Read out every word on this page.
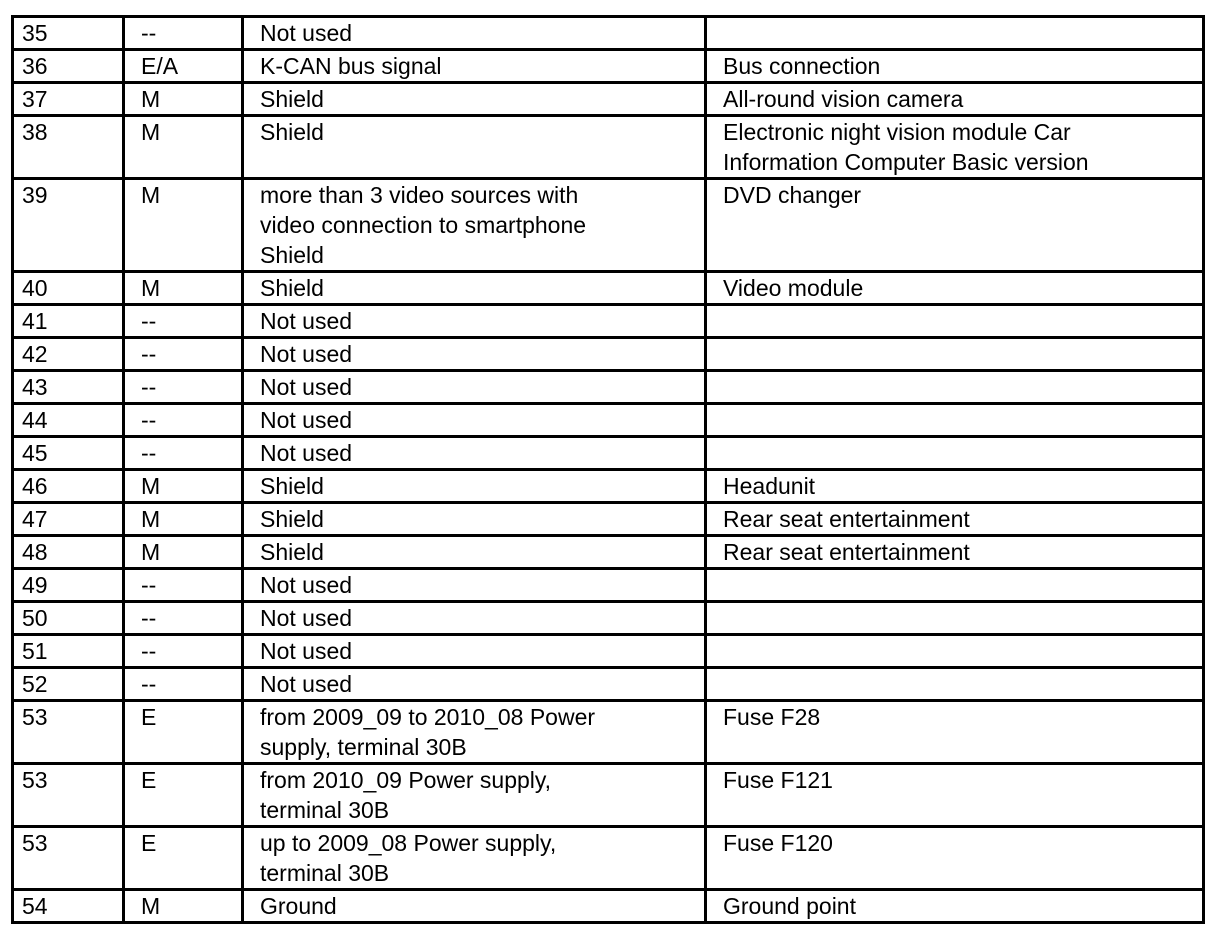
35	--	Not used	
36	E/A	K-CAN bus signal	Bus connection
37	M	Shield	All-round vision camera
38	M	Shield	Electronic night vision module Car
Information Computer Basic version
39	M	more than 3 video sources with
video connection to smartphone
Shield	DVD changer
40	M	Shield	Video module
41	--	Not used	
42	--	Not used	
43	--	Not used	
44	--	Not used	
45	--	Not used	
46	M	Shield	Headunit
47	M	Shield	Rear seat entertainment
48	M	Shield	Rear seat entertainment
49	--	Not used	
50	--	Not used	
51	--	Not used	
52	--	Not used	
53	E	from 2009_09 to 2010_08 Power
supply, terminal 30B	Fuse F28
53	E	from 2010_09 Power supply,
terminal 30B	Fuse F121
53	E	up to 2009_08 Power supply,
terminal 30B	Fuse F120
54	M	Ground	Ground point
